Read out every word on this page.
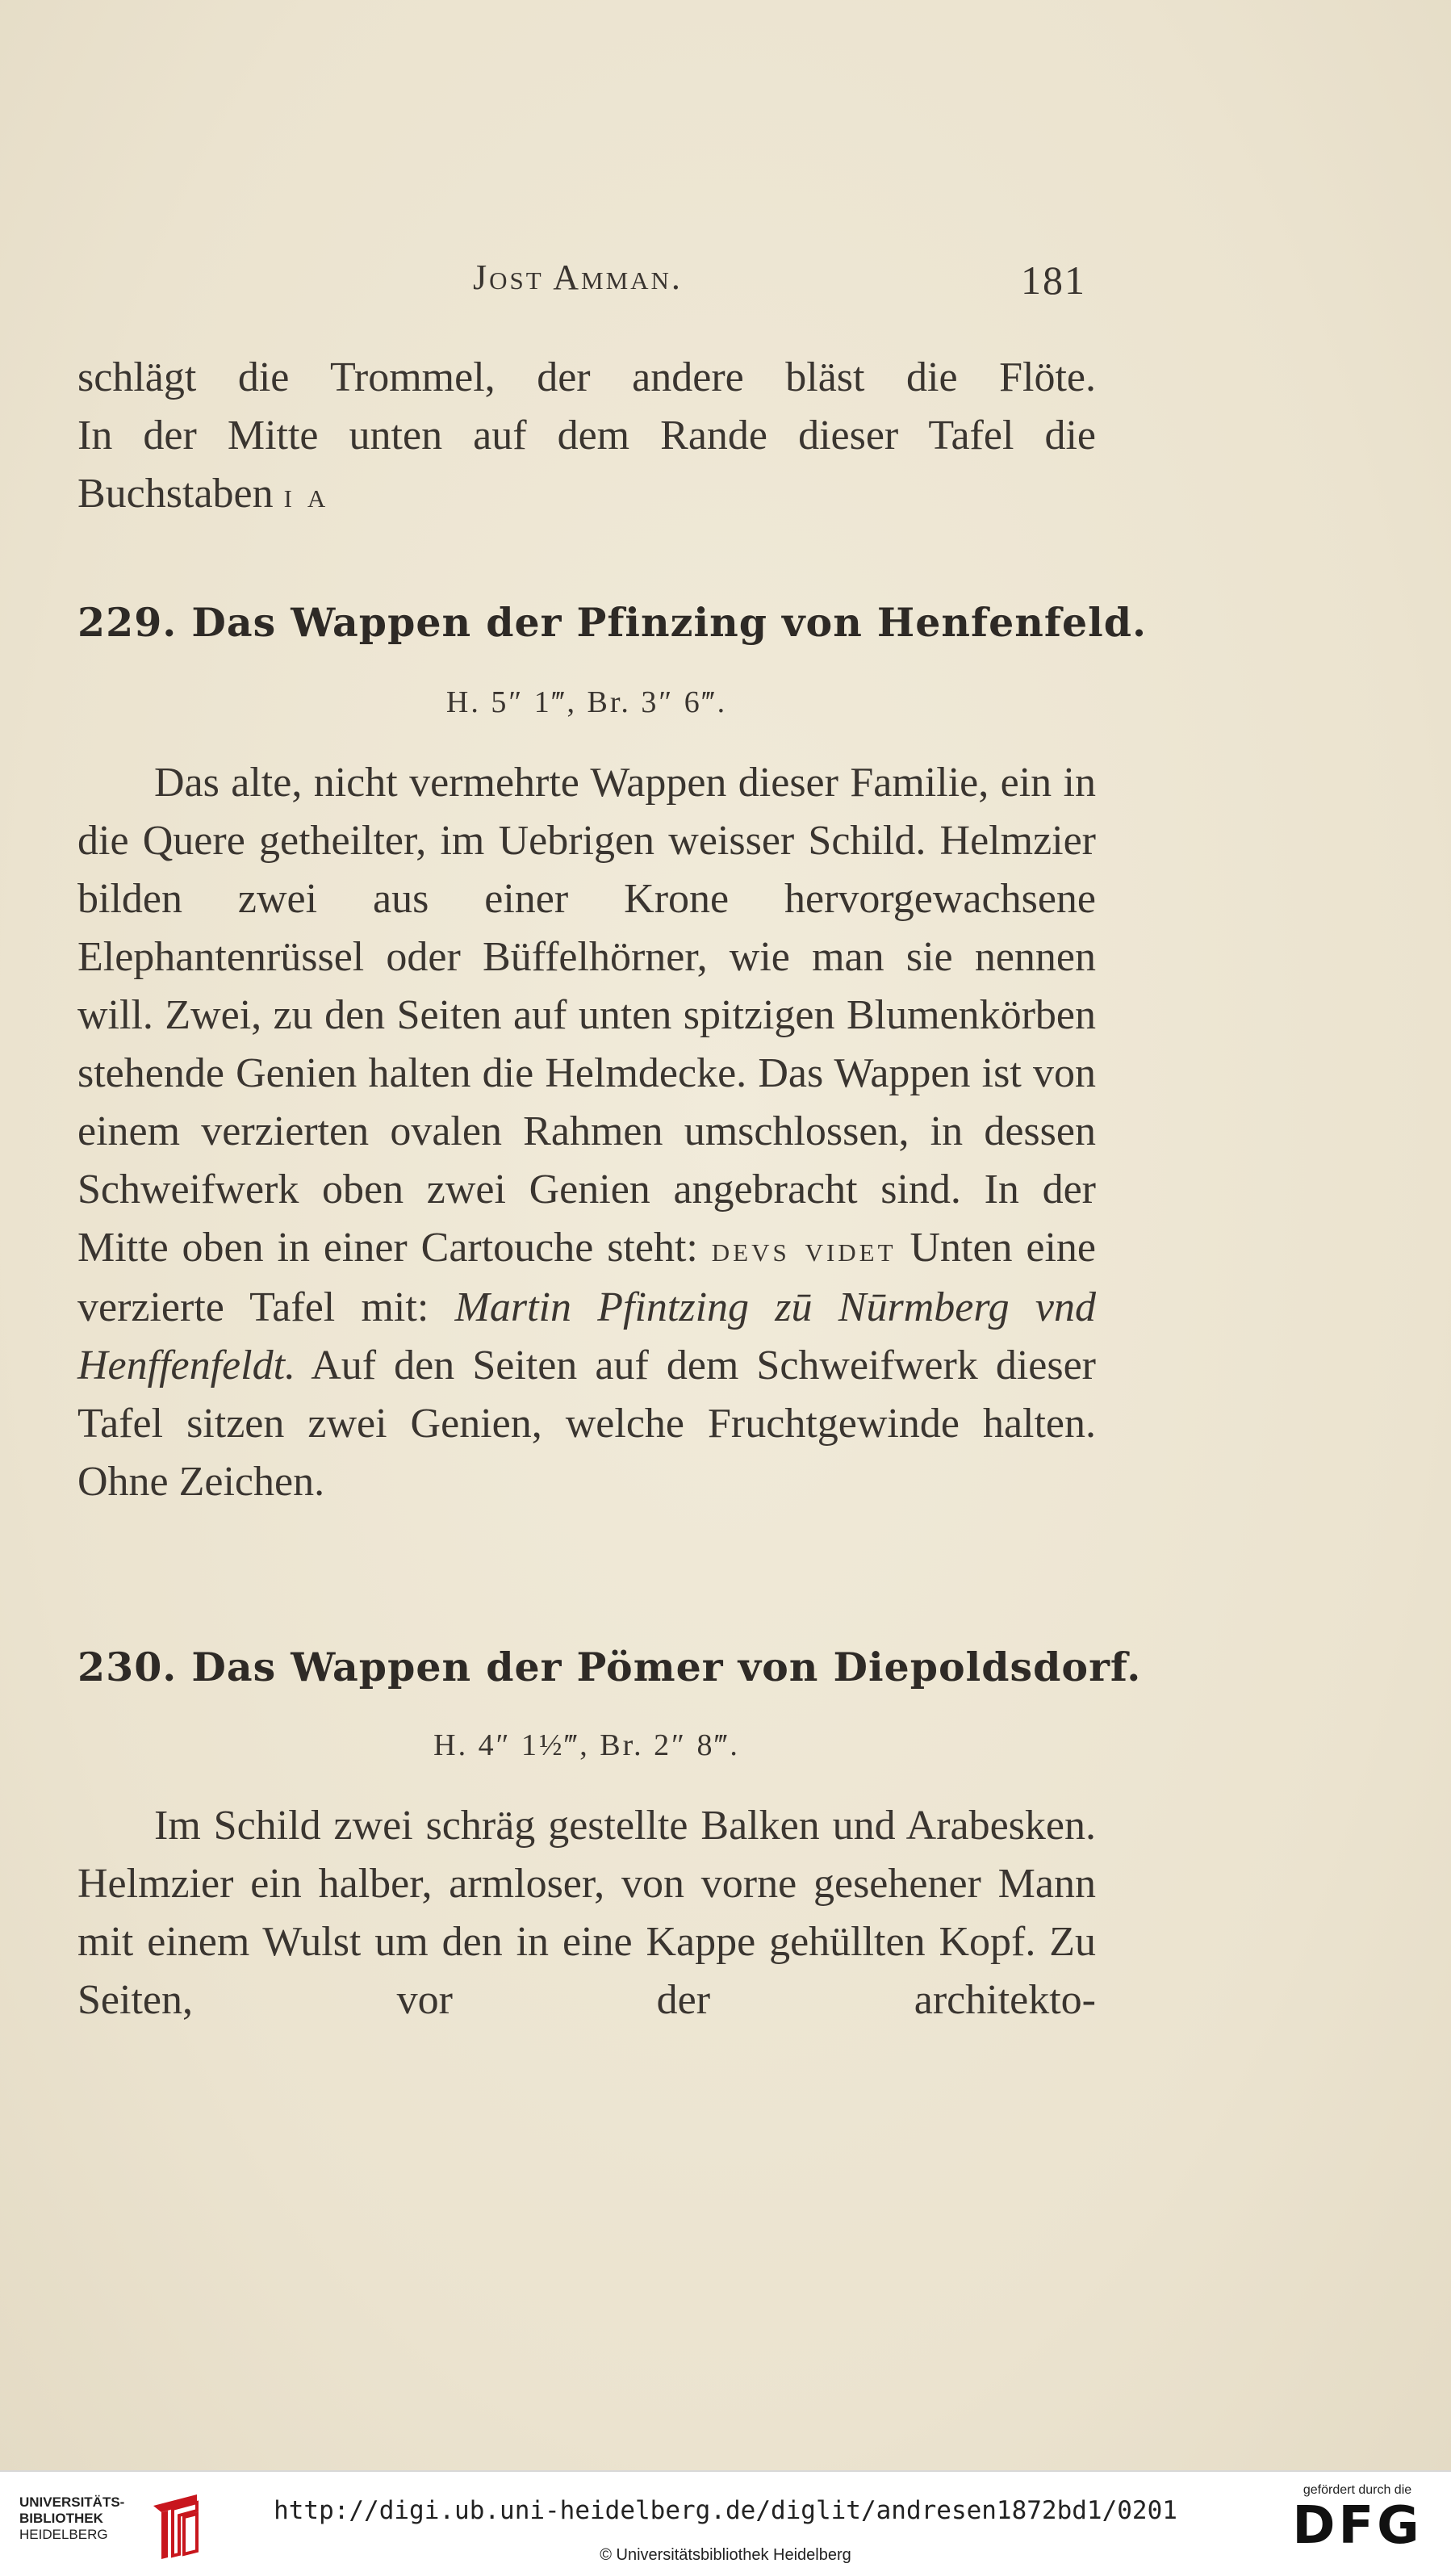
Jost Amman.	181

schlägt die Trommel, der andere bläst die Flöte.

In der Mitte unten auf dem Rande dieser Tafel die

Buchstaben i a

229. Das Wappen der Pfinzing von Henfenfeld.
H. 5″ 1‴, Br. 3″ 6‴.

Das alte, nicht vermehrte Wappen dieser Familie, ein in die Quere getheilter, im Uebrigen weisser Schild. Helmzier bilden zwei aus einer Krone hervorgewachsene Elephantenrüssel oder Büffelhörner, wie man sie nennen will. Zwei, zu den Seiten auf unten spitzigen Blumenkörben stehende Genien halten die Helmdecke. Das Wappen ist von einem verzierten ovalen Rahmen umschlossen, in dessen Schweifwerk oben zwei Genien angebracht sind. In der Mitte oben in einer Cartouche steht: devs videt Unten eine verzierte Tafel mit: Martin Pfintzing zū Nūrmberg vnd Henffenfeldt. Auf den Seiten auf dem Schweifwerk dieser Tafel sitzen zwei Genien, welche Fruchtgewinde halten. Ohne Zeichen.

230. Das Wappen der Pömer von Diepoldsdorf.
H. 4″ 1½‴, Br. 2″ 8‴.

Im Schild zwei schräg gestellte Balken und Arabesken. Helmzier ein halber, armloser, von vorne gesehener Mann mit einem Wulst um den in eine Kappe gehüllten Kopf. Zu Seiten, vor der architekto-

UNIVERSITÄTS-
BIBLIOTHEK
HEIDELBERG
http://digi.ub.uni-heidelberg.de/diglit/andresen1872bd1/0201
© Universitätsbibliothek Heidelberg
gefördert durch die
DFG
